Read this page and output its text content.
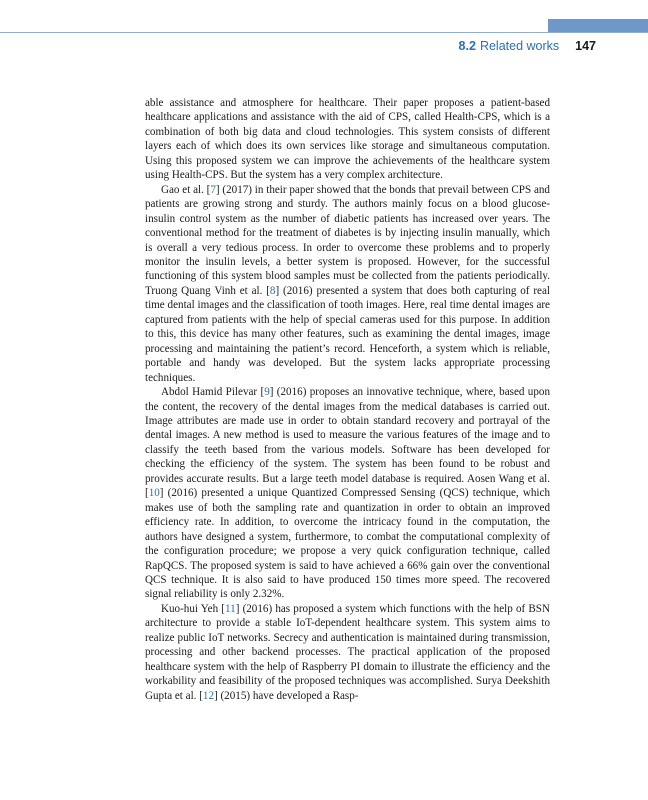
8.2 Related works 147

able assistance and atmosphere for healthcare. Their paper proposes a patient-based healthcare applications and assistance with the aid of CPS, called Health-CPS, which is a combination of both big data and cloud technologies. This system consists of different layers each of which does its own services like storage and simultaneous computation. Using this proposed system we can improve the achievements of the healthcare system using Health-CPS. But the system has a very complex architecture.

Gao et al. [7] (2017) in their paper showed that the bonds that prevail between CPS and patients are growing strong and sturdy. The authors mainly focus on a blood glucose-insulin control system as the number of diabetic patients has increased over years. The conventional method for the treatment of diabetes is by injecting insulin manually, which is overall a very tedious process. In order to overcome these problems and to properly monitor the insulin levels, a better system is proposed. However, for the successful functioning of this system blood samples must be collected from the patients periodically. Truong Quang Vinh et al. [8] (2016) presented a system that does both capturing of real time dental images and the classification of tooth images. Here, real time dental images are captured from patients with the help of special cameras used for this purpose. In addition to this, this device has many other features, such as examining the dental images, image processing and maintaining the patient’s record. Henceforth, a system which is reliable, portable and handy was developed. But the system lacks appropriate processing techniques.

Abdol Hamid Pilevar [9] (2016) proposes an innovative technique, where, based upon the content, the recovery of the dental images from the medical databases is carried out. Image attributes are made use in order to obtain standard recovery and portrayal of the dental images. A new method is used to measure the various features of the image and to classify the teeth based from the various models. Software has been developed for checking the efficiency of the system. The system has been found to be robust and provides accurate results. But a large teeth model database is required. Aosen Wang et al. [10] (2016) presented a unique Quantized Compressed Sensing (QCS) technique, which makes use of both the sampling rate and quantization in order to obtain an improved efficiency rate. In addition, to overcome the intricacy found in the computation, the authors have designed a system, furthermore, to combat the computational complexity of the configuration procedure; we propose a very quick configuration technique, called RapQCS. The proposed system is said to have achieved a 66% gain over the conventional QCS technique. It is also said to have produced 150 times more speed. The recovered signal reliability is only 2.32%.

Kuo-hui Yeh [11] (2016) has proposed a system which functions with the help of BSN architecture to provide a stable IoT-dependent healthcare system. This system aims to realize public IoT networks. Secrecy and authentication is maintained during transmission, processing and other backend processes. The practical application of the proposed healthcare system with the help of Raspberry PI domain to illustrate the efficiency and the workability and feasibility of the proposed techniques was accomplished. Surya Deekshith Gupta et al. [12] (2015) have developed a Rasp-
